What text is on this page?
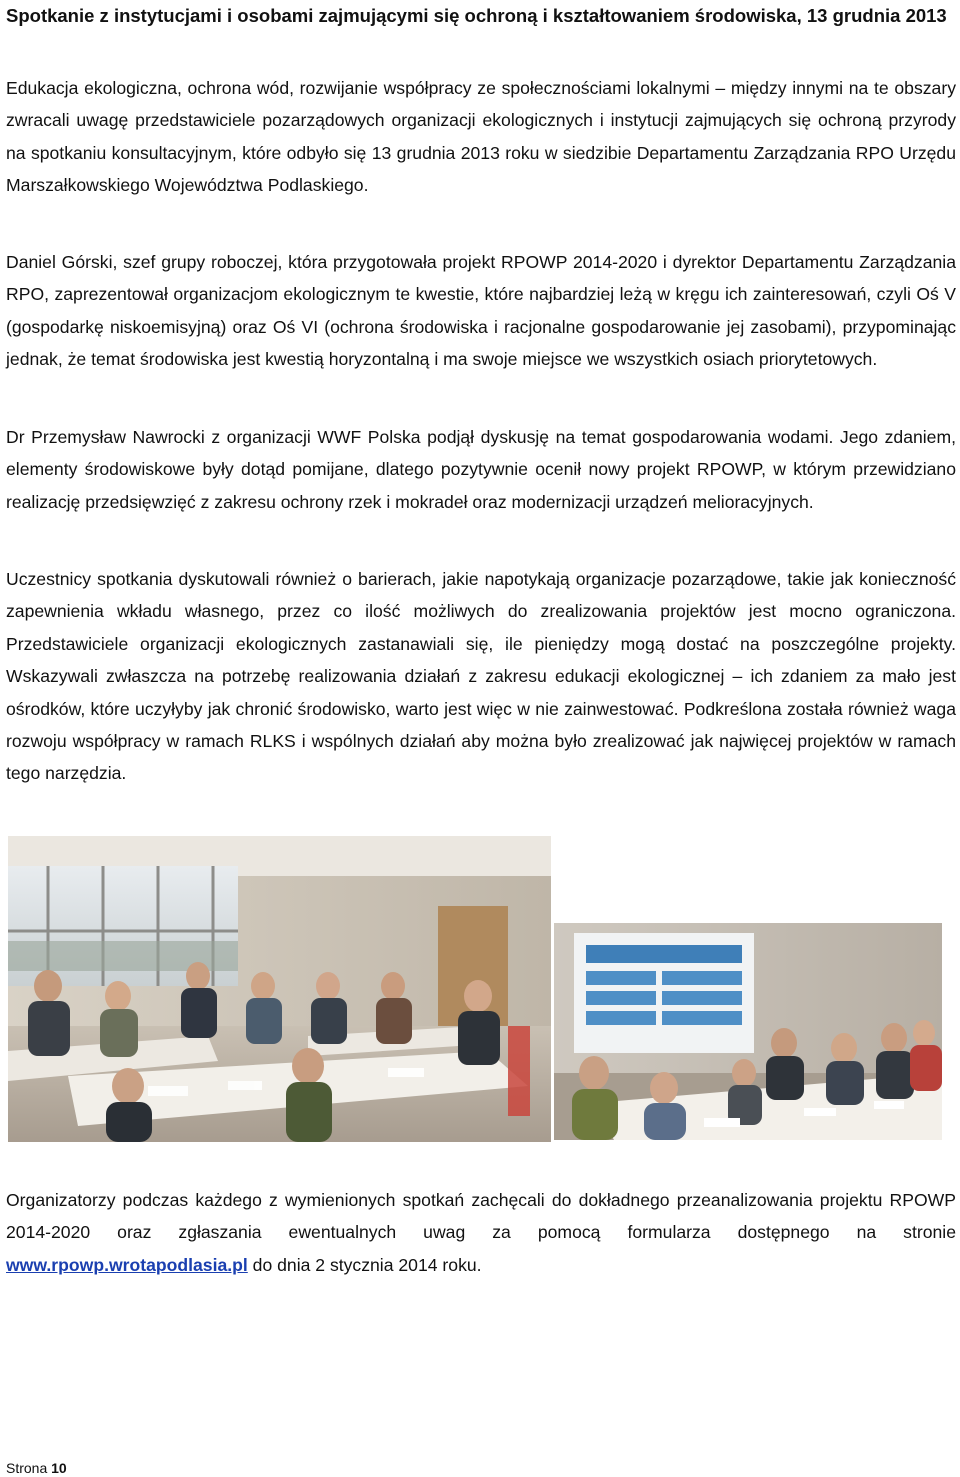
Spotkanie z instytucjami i osobami zajmującymi się ochroną i kształtowaniem środowiska, 13 grudnia 2013

Edukacja ekologiczna, ochrona wód, rozwijanie współpracy ze społecznościami lokalnymi – między innymi na te obszary zwracali uwagę przedstawiciele pozarządowych organizacji ekologicznych i instytucji zajmujących się ochroną przyrody na spotkaniu konsultacyjnym, które odbyło się 13 grudnia 2013 roku w siedzibie Departamentu Zarządzania RPO Urzędu Marszałkowskiego Województwa Podlaskiego.

Daniel Górski, szef grupy roboczej, która przygotowała projekt RPOWP 2014-2020 i dyrektor Departamentu Zarządzania RPO, zaprezentował organizacjom ekologicznym te kwestie, które najbardziej leżą w kręgu ich zainteresowań, czyli Oś V (gospodarkę niskoemisyjną) oraz Oś VI (ochrona środowiska i racjonalne gospodarowanie jej zasobami), przypominając jednak, że temat środowiska jest kwestią horyzontalną i ma swoje miejsce we wszystkich osiach priorytetowych.

Dr Przemysław Nawrocki z organizacji WWF Polska podjął dyskusję na temat gospodarowania wodami. Jego zdaniem, elementy środowiskowe były dotąd pomijane, dlatego pozytywnie ocenił nowy projekt RPOWP, w którym przewidziano realizację przedsięwzięć z zakresu ochrony rzek i mokradeł oraz modernizacji urządzeń melioracyjnych.

Uczestnicy spotkania dyskutowali również o barierach, jakie napotykają organizacje pozarządowe, takie jak konieczność zapewnienia wkładu własnego, przez co ilość możliwych do zrealizowania projektów jest mocno ograniczona. Przedstawiciele organizacji ekologicznych zastanawiali się, ile pieniędzy mogą dostać na poszczególne projekty. Wskazywali zwłaszcza na potrzebę realizowania działań z zakresu edukacji ekologicznej – ich zdaniem za mało jest ośrodków, które uczyłyby jak chronić środowisko, warto jest więc w nie zainwestować. Podkreślona została również waga rozwoju współpracy w ramach RLKS i wspólnych działań aby można było zrealizować jak najwięcej projektów w ramach tego narzędzia.

Organizatorzy podczas każdego z wymienionych spotkań zachęcali do dokładnego przeanalizowania projektu RPOWP 2014-2020 oraz zgłaszania ewentualnych uwag za pomocą formularza dostępnego na stronie www.rpowp.wrotapodlasia.pl do dnia 2 stycznia 2014 roku.

Strona 10
